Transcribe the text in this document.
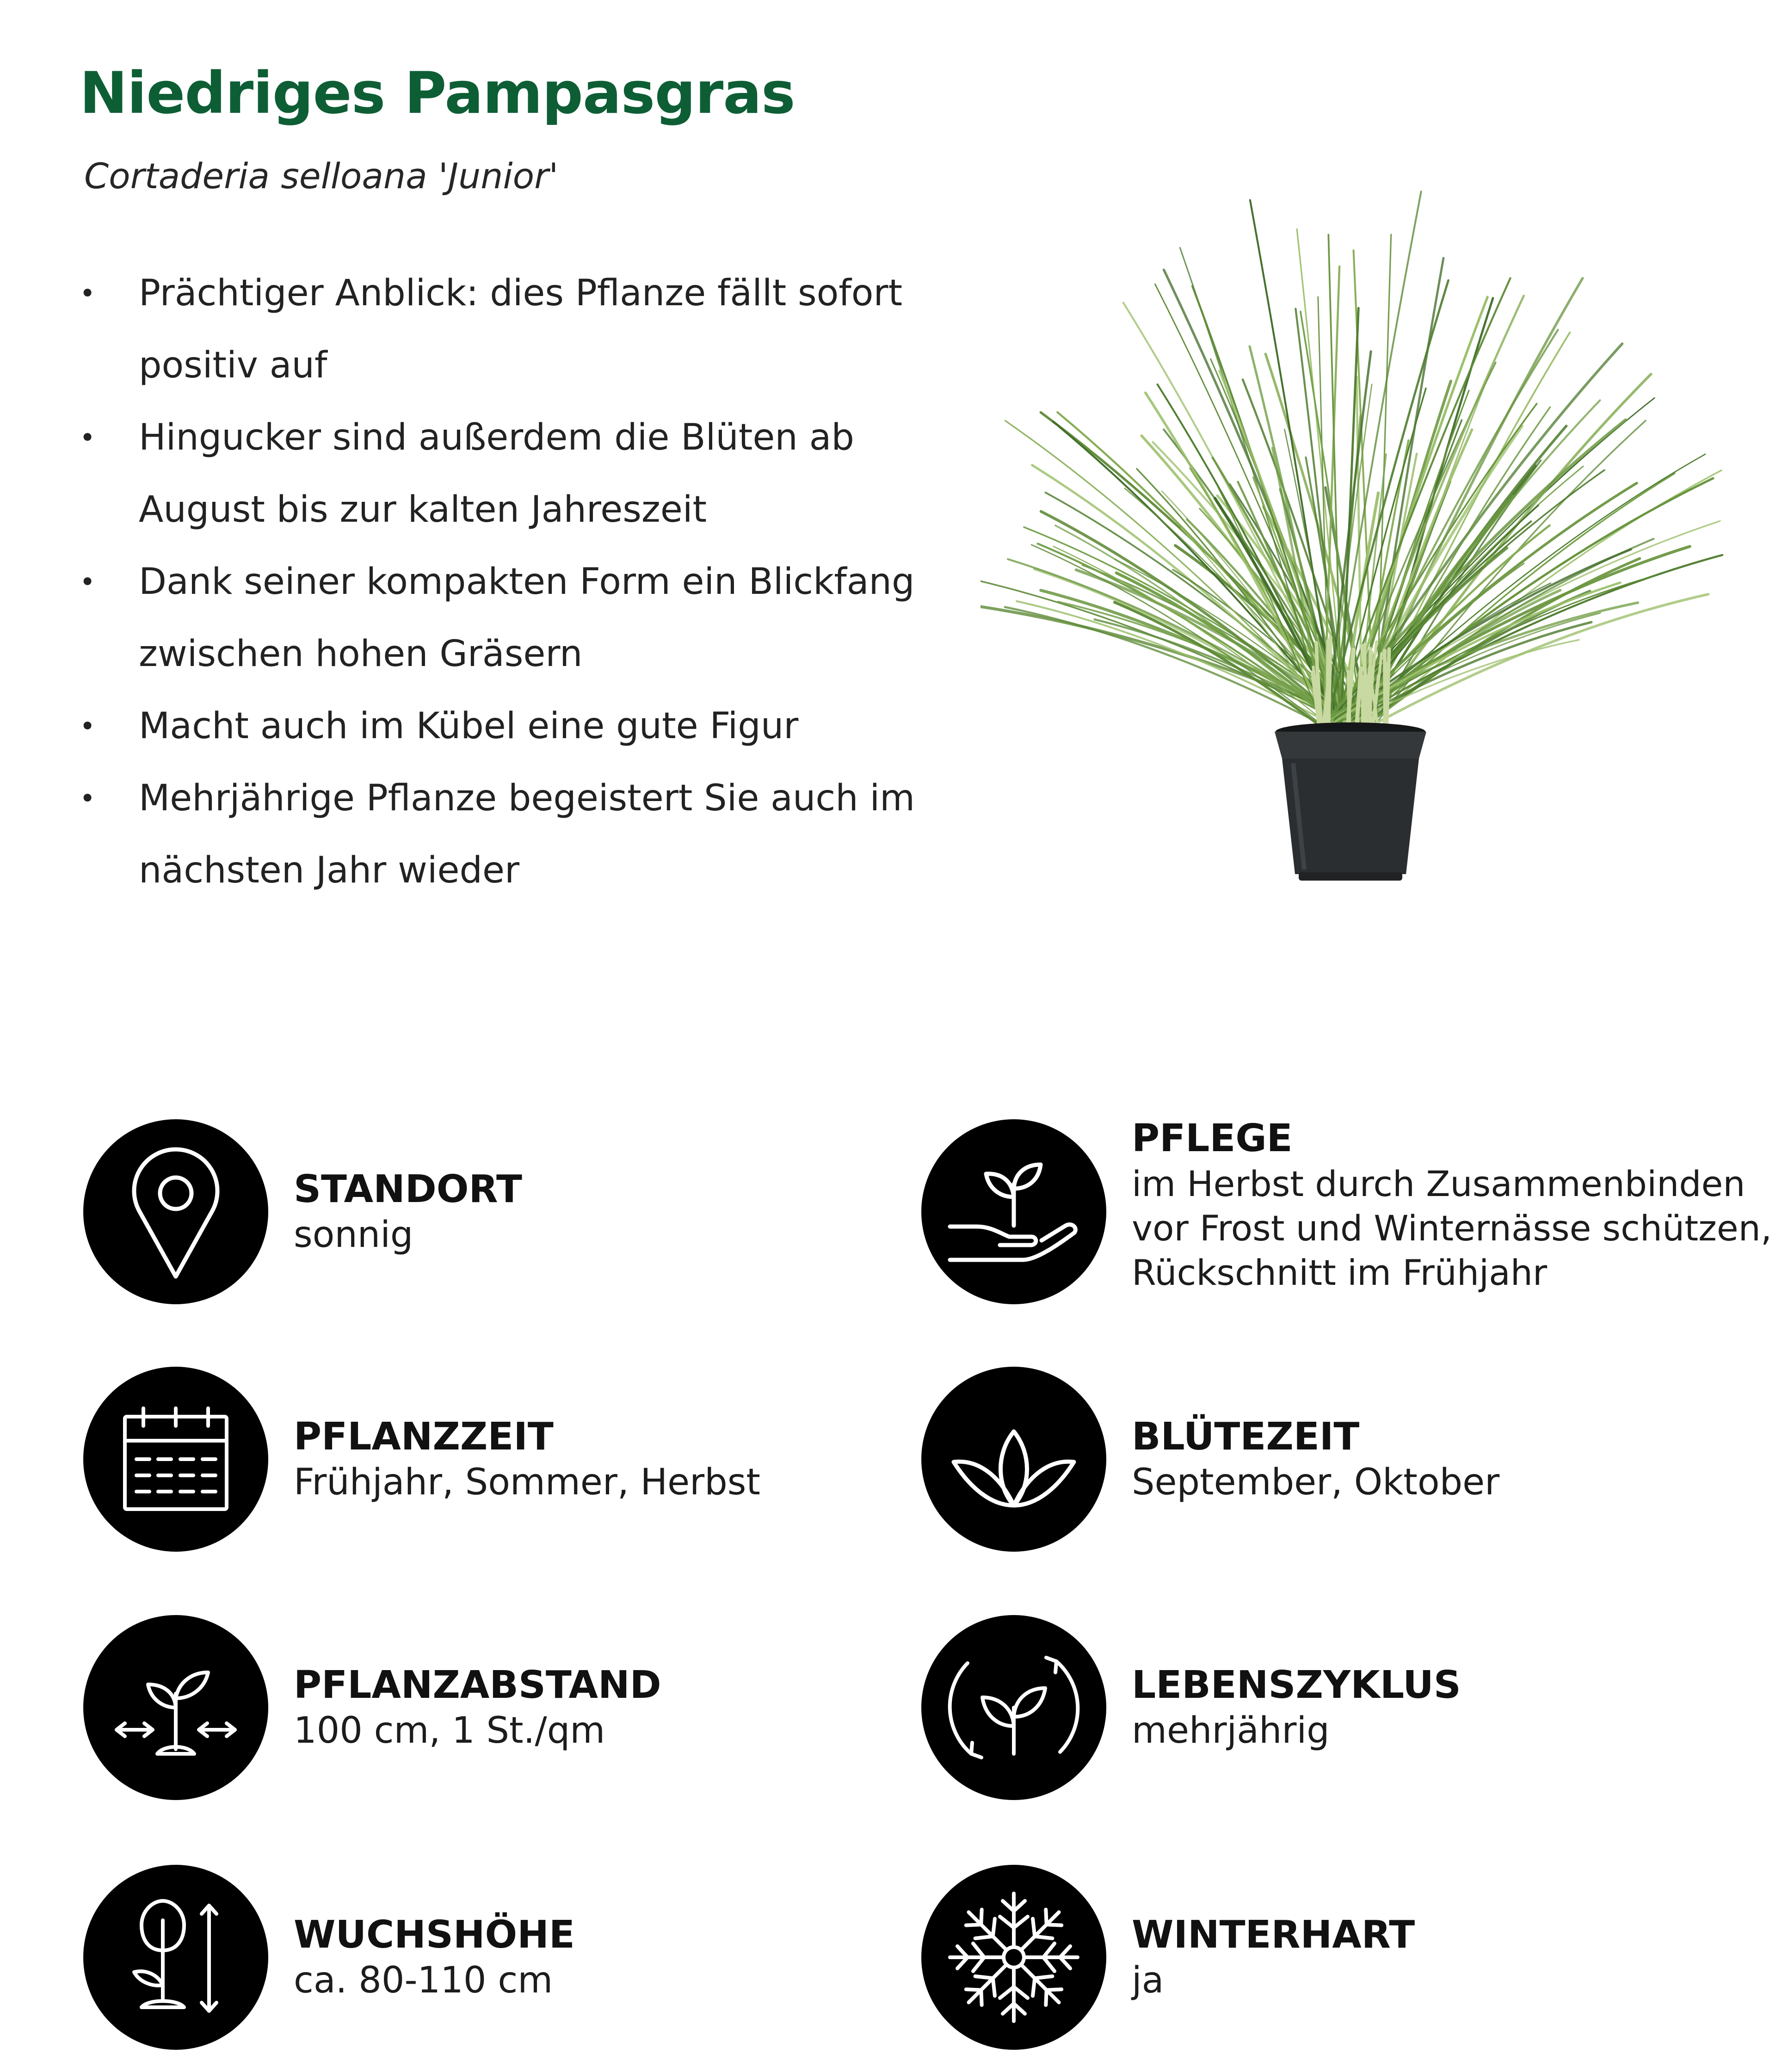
Niedriges Pampasgras
Cortaderia selloana 'Junior'
• Prächtiger Anblick: dies Pflanze fällt sofort positiv auf
• Hingucker sind außerdem die Blüten ab August bis zur kalten Jahreszeit
• Dank seiner kompakten Form ein Blickfang zwischen hohen Gräsern
• Macht auch im Kübel eine gute Figur
• Mehrjährige Pflanze begeistert Sie auch im nächsten Jahr wieder
STANDORT
sonnig
PFLEGE
im Herbst durch Zusammenbinden
vor Frost und Winternässe schützen,
Rückschnitt im Frühjahr
PFLANZZEIT
Frühjahr, Sommer, Herbst
BLÜTEZEIT
September, Oktober
PFLANZABSTAND
100 cm, 1 St./qm
LEBENSZYKLUS
mehrjährig
WUCHSHÖHE
ca. 80-110 cm
WINTERHART
ja
